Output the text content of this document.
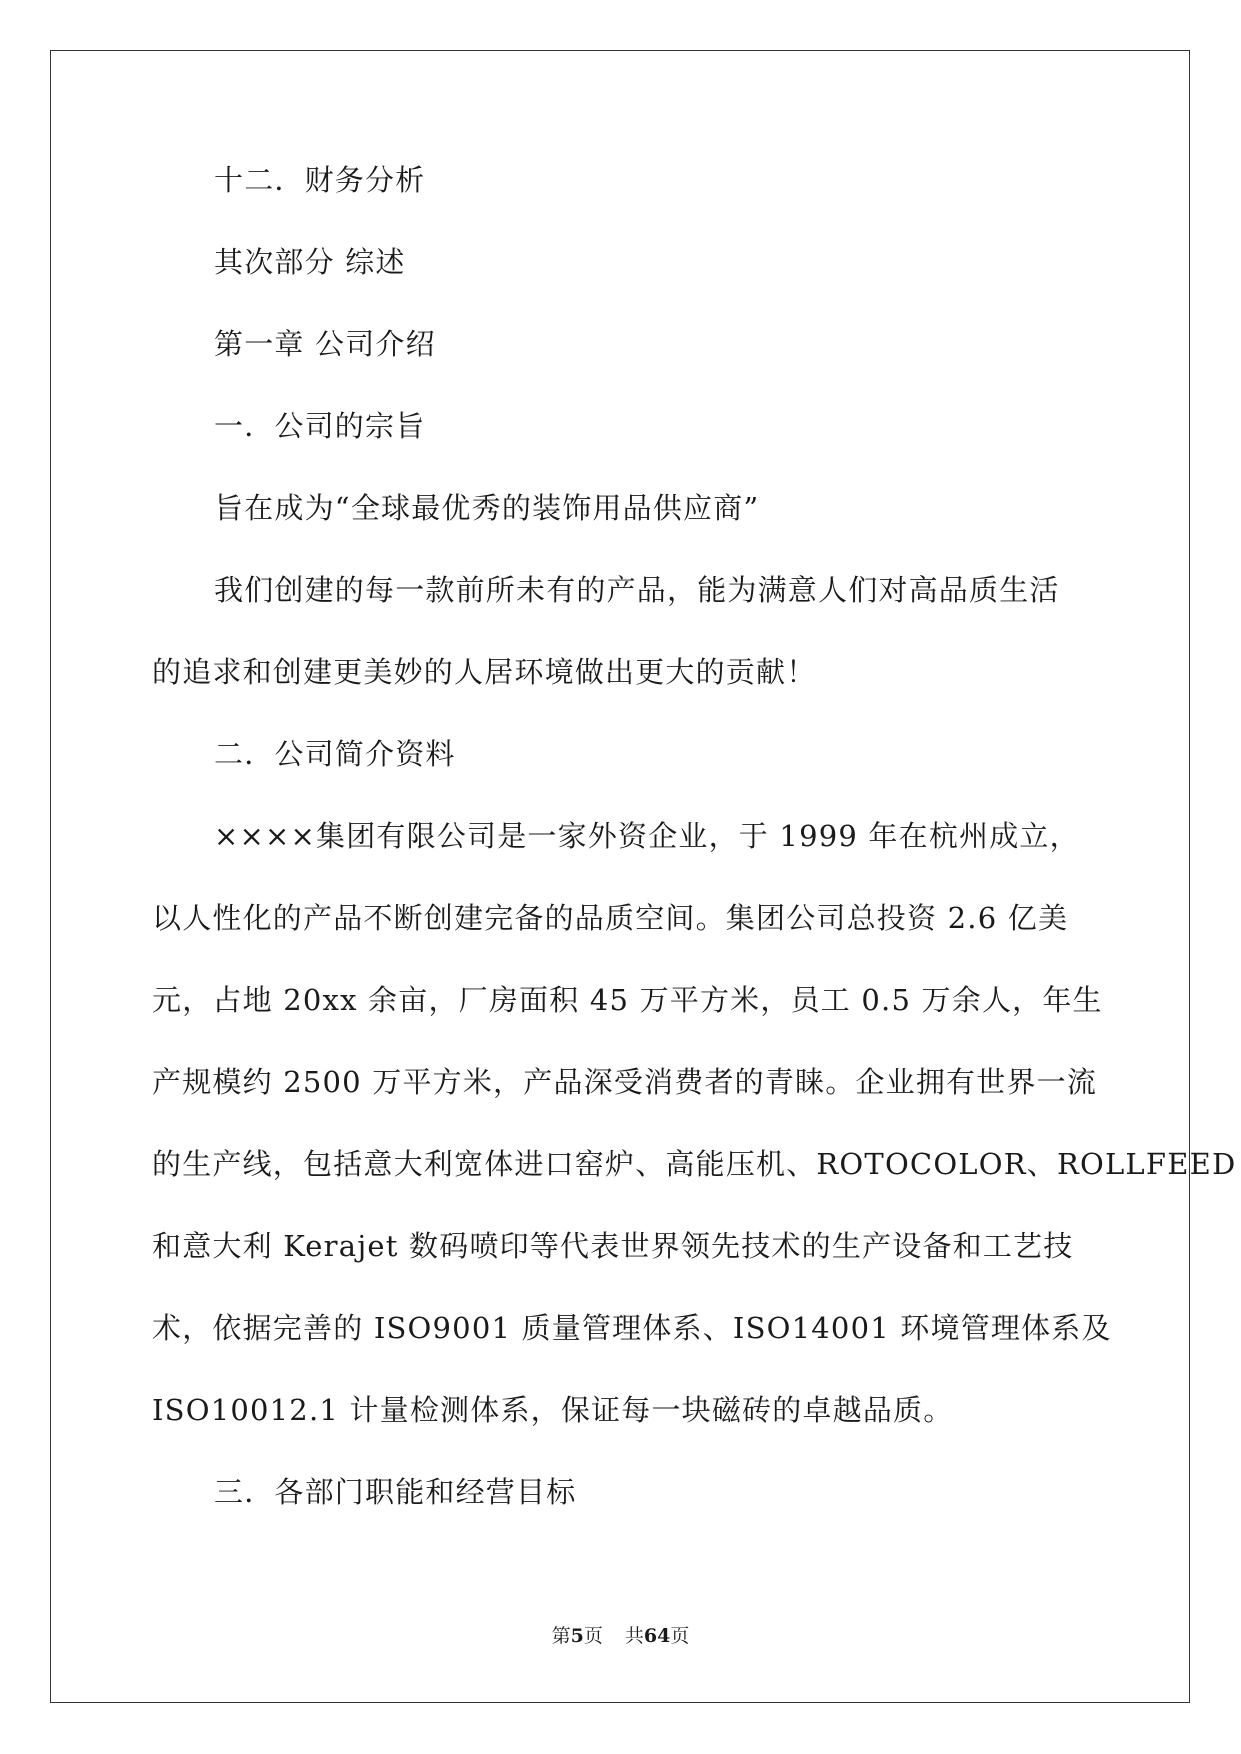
十二．财务分析
其次部分 综述
第一章 公司介绍
一．公司的宗旨
旨在成为“全球最优秀的装饰用品供应商”
我们创建的每一款前所未有的产品，能为满意人们对高品质生活
的追求和创建更美妙的人居环境做出更大的贡献！
二．公司简介资料
××××集团有限公司是一家外资企业，于 1999 年在杭州成立，
以人性化的产品不断创建完备的品质空间。集团公司总投资 2.6 亿美
元，占地 20xx 余亩，厂房面积 45 万平方米，员工 0.5 万余人，年生
产规模约 2500 万平方米，产品深受消费者的青睐。企业拥有世界一流
的生产线，包括意大利宽体进口窑炉、高能压机、ROTOCOLOR、ROLLFEED
和意大利 Kerajet 数码喷印等代表世界领先技术的生产设备和工艺技
术，依据完善的 ISO9001 质量管理体系、ISO14001 环境管理体系及
ISO10012.1 计量检测体系，保证每一块磁砖的卓越品质。
三．各部门职能和经营目标
第5页 共64页
